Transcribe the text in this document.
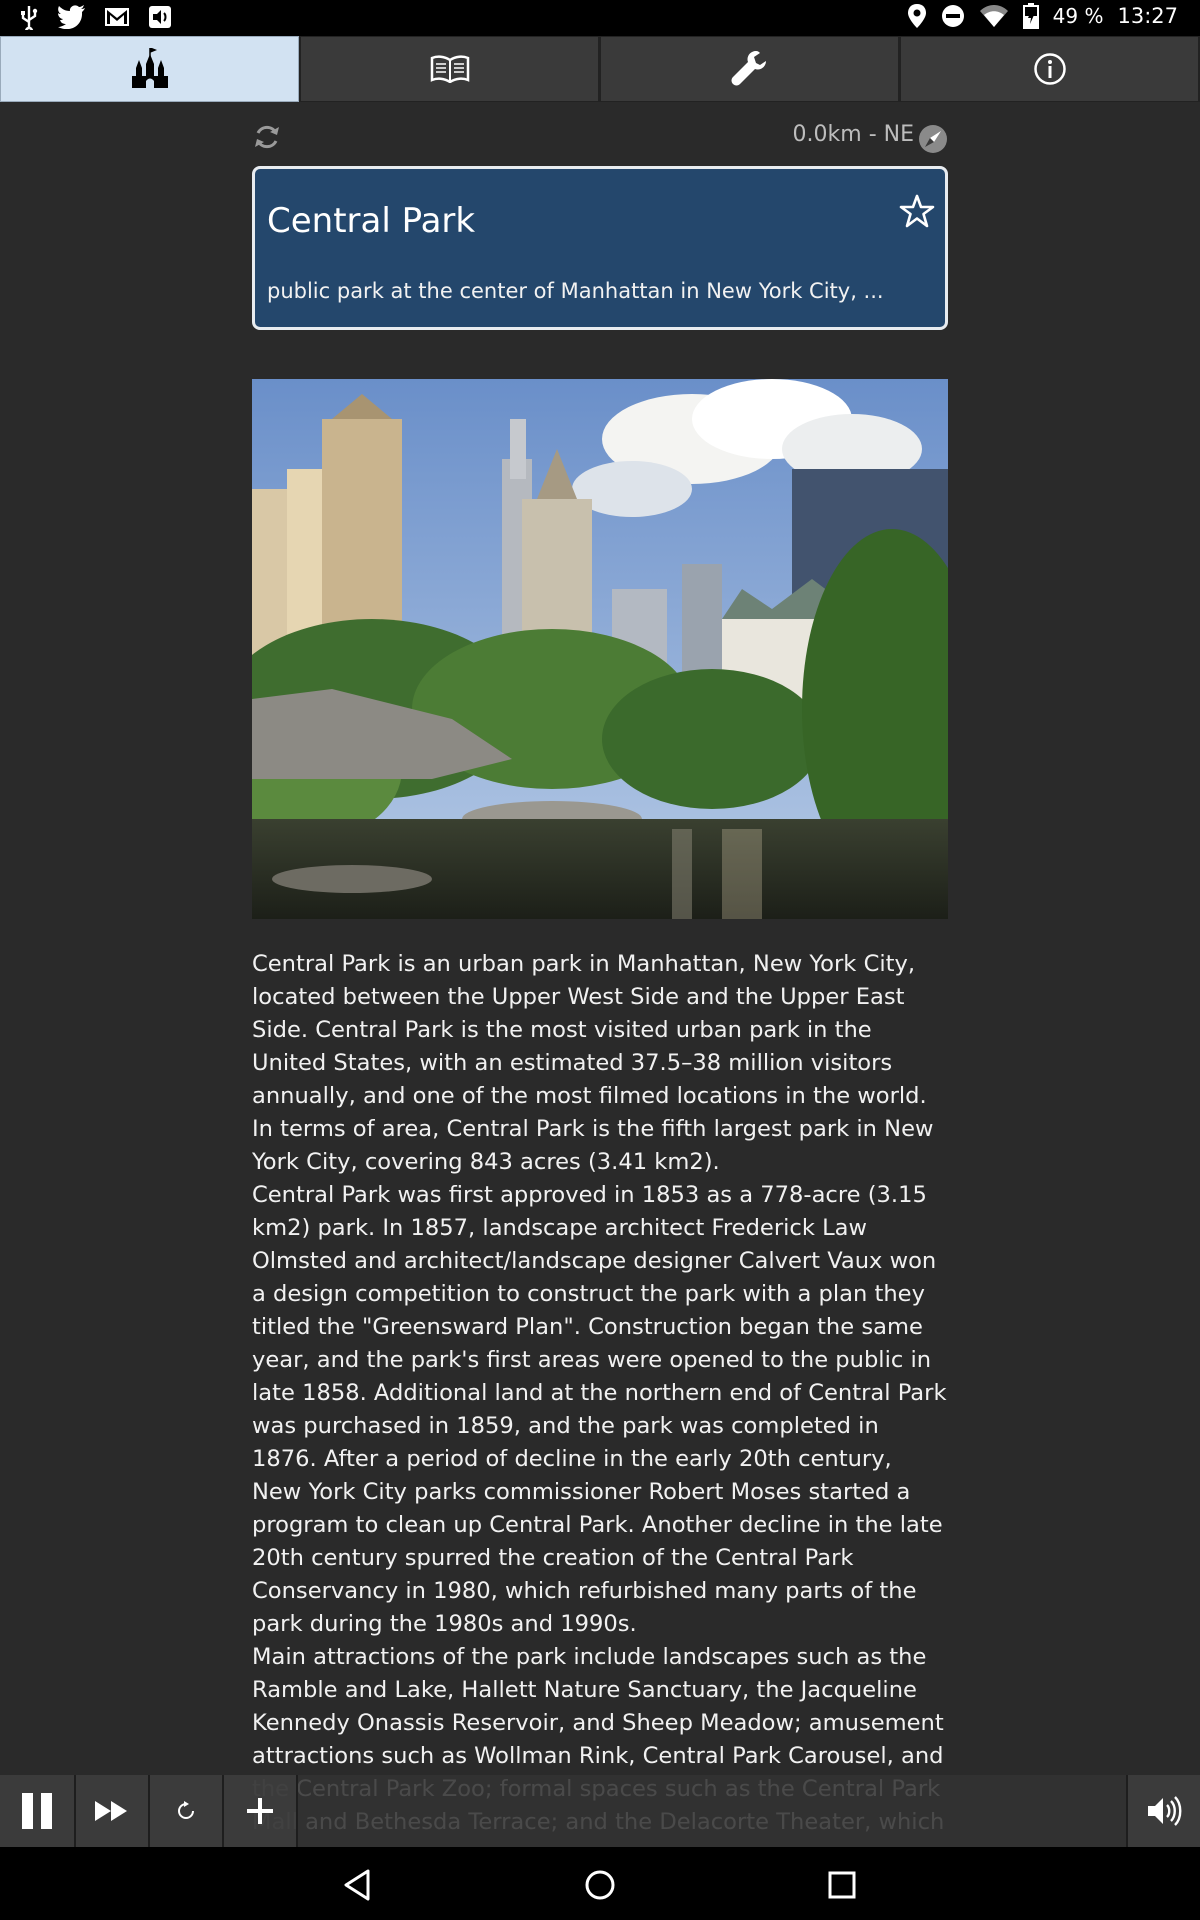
49 % 13:27
0.0km - NE
Central Park
public park at the center of Manhattan in New York City, ...

Central Park is an urban park in Manhattan, New York City, located between the Upper West Side and the Upper East Side. Central Park is the most visited urban park in the United States, with an estimated 37.5–38 million visitors annually, and one of the most filmed locations in the world. In terms of area, Central Park is the fifth largest park in New York City, covering 843 acres (3.41 km2).

Central Park was first approved in 1853 as a 778-acre (3.15 km2) park. In 1857, landscape architect Frederick Law Olmsted and architect/landscape designer Calvert Vaux won a design competition to construct the park with a plan they titled the "Greensward Plan". Construction began the same year, and the park's first areas were opened to the public in late 1858. Additional land at the northern end of Central Park was purchased in 1859, and the park was completed in 1876. After a period of decline in the early 20th century, New York City parks commissioner Robert Moses started a program to clean up Central Park. Another decline in the late 20th century spurred the creation of the Central Park Conservancy in 1980, which refurbished many parts of the park during the 1980s and 1990s.

Main attractions of the park include landscapes such as the Ramble and Lake, Hallett Nature Sanctuary, the Jacqueline Kennedy Onassis Reservoir, and Sheep Meadow; amusement attractions such as Wollman Rink, Central Park Carousel, and
